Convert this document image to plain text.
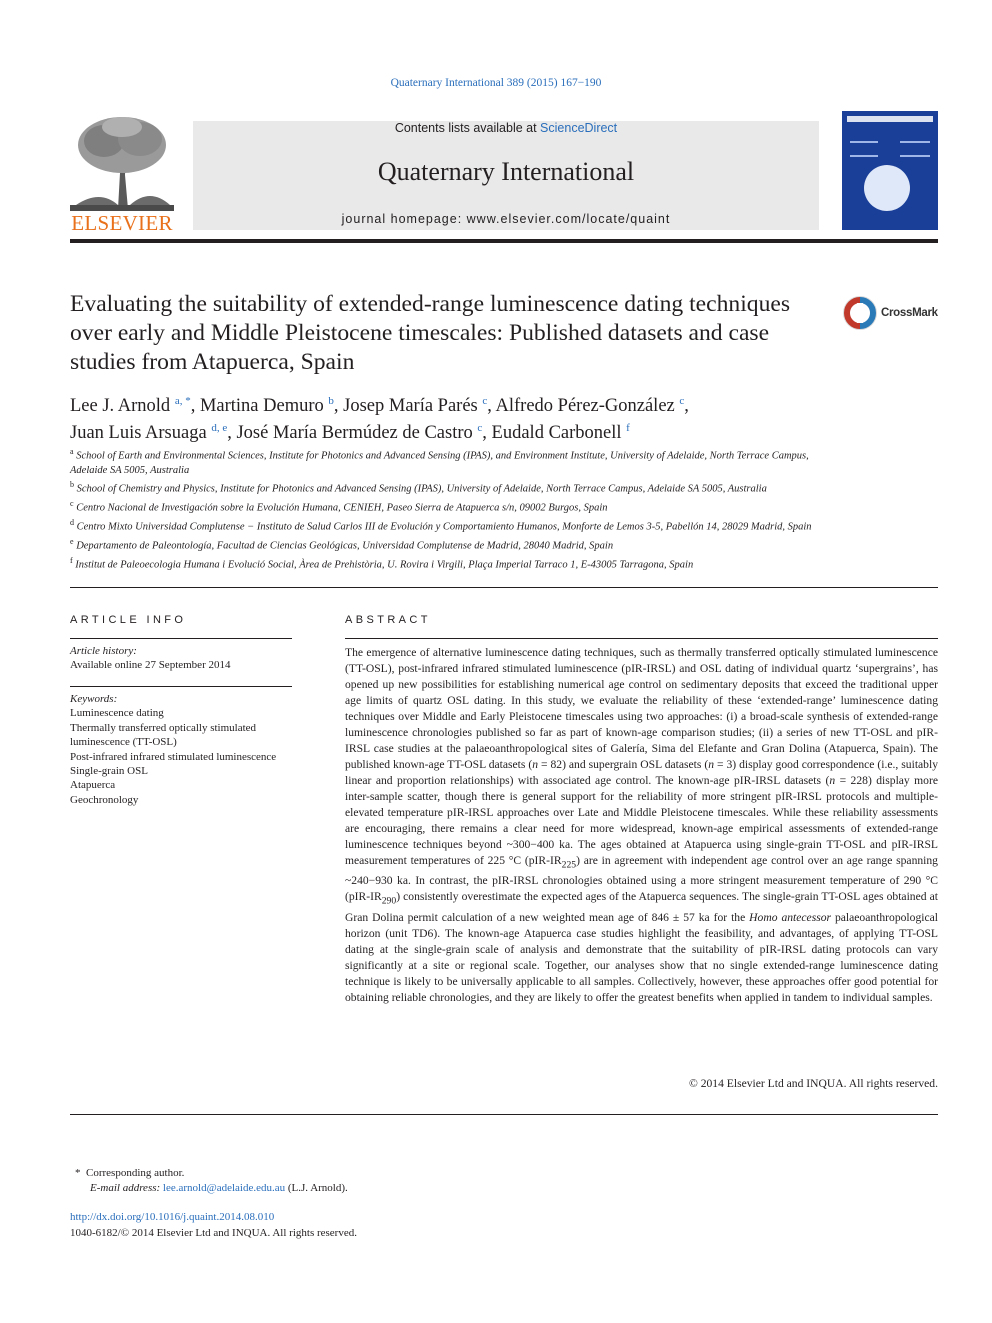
Quaternary International 389 (2015) 167−190
ELSEVIER
Contents lists available at ScienceDirect
Quaternary International
journal homepage: www.elsevier.com/locate/quaint
Evaluating the suitability of extended-range luminescence dating techniques over early and Middle Pleistocene timescales: Published datasets and case studies from Atapuerca, Spain
CrossMark
Lee J. Arnold $^{a, *}$, Martina Demuro $^b$, Josep María Parés $^c$, Alfredo Pérez-González $^c$,
Juan Luis Arsuaga $^{d, e}$, José María Bermúdez de Castro $^c$, Eudald Carbonell $^f$
$^a$ School of Earth and Environmental Sciences, Institute for Photonics and Advanced Sensing (IPAS), and Environment Institute, University of Adelaide, North Terrace Campus, Adelaide SA 5005, Australia
$^b$ School of Chemistry and Physics, Institute for Photonics and Advanced Sensing (IPAS), University of Adelaide, North Terrace Campus, Adelaide SA 5005, Australia
$^c$ Centro Nacional de Investigación sobre la Evolución Humana, CENIEH, Paseo Sierra de Atapuerca s/n, 09002 Burgos, Spain
$^d$ Centro Mixto Universidad Complutense − Instituto de Salud Carlos III de Evolución y Comportamiento Humanos, Monforte de Lemos 3-5, Pabellón 14, 28029 Madrid, Spain
$^e$ Departamento de Paleontología, Facultad de Ciencias Geológicas, Universidad Complutense de Madrid, 28040 Madrid, Spain
$^f$ Institut de Paleoecologia Humana i Evolució Social, Àrea de Prehistòria, U. Rovira i Virgili, Plaça Imperial Tarraco 1, E-43005 Tarragona, Spain
ARTICLE INFO
Article history:
Available online 27 September 2014
Keywords:
Luminescence dating
Thermally transferred optically stimulated luminescence (TT-OSL)
Post-infrared infrared stimulated luminescence
Single-grain OSL
Atapuerca
Geochronology
ABSTRACT
The emergence of alternative luminescence dating techniques, such as thermally transferred optically stimulated luminescence (TT-OSL), post-infrared infrared stimulated luminescence (pIR-IRSL) and OSL dating of individual quartz ‘supergrains’, has opened up new possibilities for establishing numerical age control on sedimentary deposits that exceed the traditional upper age limits of quartz OSL dating. In this study, we evaluate the reliability of these ‘extended-range’ luminescence dating techniques over Middle and Early Pleistocene timescales using two approaches: (i) a broad-scale synthesis of extended-range luminescence chronologies published so far as part of known-age comparison studies; (ii) a series of new TT-OSL and pIR-IRSL case studies at the palaeoanthropological sites of Galería, Sima del Elefante and Gran Dolina (Atapuerca, Spain). The published known-age TT-OSL datasets (n = 82) and supergrain OSL datasets (n = 3) display good correspondence (i.e., suitably linear and proportion relationships) with associated age control. The known-age pIR-IRSL datasets (n = 228) display more inter-sample scatter, though there is general support for the reliability of more stringent pIR-IRSL protocols and multiple-elevated temperature pIR-IRSL approaches over Late and Middle Pleistocene timescales. While these reliability assessments are encouraging, there remains a clear need for more widespread, known-age empirical assessments of extended-range luminescence techniques beyond ~300−400 ka. The ages obtained at Atapuerca using single-grain TT-OSL and pIR-IRSL measurement temperatures of 225 °C $(pIR-IR_{225})$ are in agreement with independent age control over an age range spanning ~240−930 ka. In contrast, the pIR-IRSL chronologies obtained using a more stringent measurement temperature of 290 °C $(pIR-IR_{290})$ consistently overestimate the expected ages of the Atapuerca sequences. The single-grain TT-OSL ages obtained at Gran Dolina permit calculation of a new weighted mean age of 846 ± 57 ka for the Homo antecessor palaeoanthropological horizon (unit TD6). The known-age Atapuerca case studies highlight the feasibility, and advantages, of applying TT-OSL dating at the single-grain scale of analysis and demonstrate that the suitability of pIR-IRSL dating protocols can vary significantly at a site or regional scale. Together, our analyses show that no single extended-range luminescence dating technique is likely to be universally applicable to all samples. Collectively, however, these approaches offer good potential for obtaining reliable chronologies, and they are likely to offer the greatest benefits when applied in tandem to individual samples.
© 2014 Elsevier Ltd and INQUA. All rights reserved.
* Corresponding author.
E-mail address: lee.arnold@adelaide.edu.au (L.J. Arnold).
http://dx.doi.org/10.1016/j.quaint.2014.08.010
1040-6182/© 2014 Elsevier Ltd and INQUA. All rights reserved.
